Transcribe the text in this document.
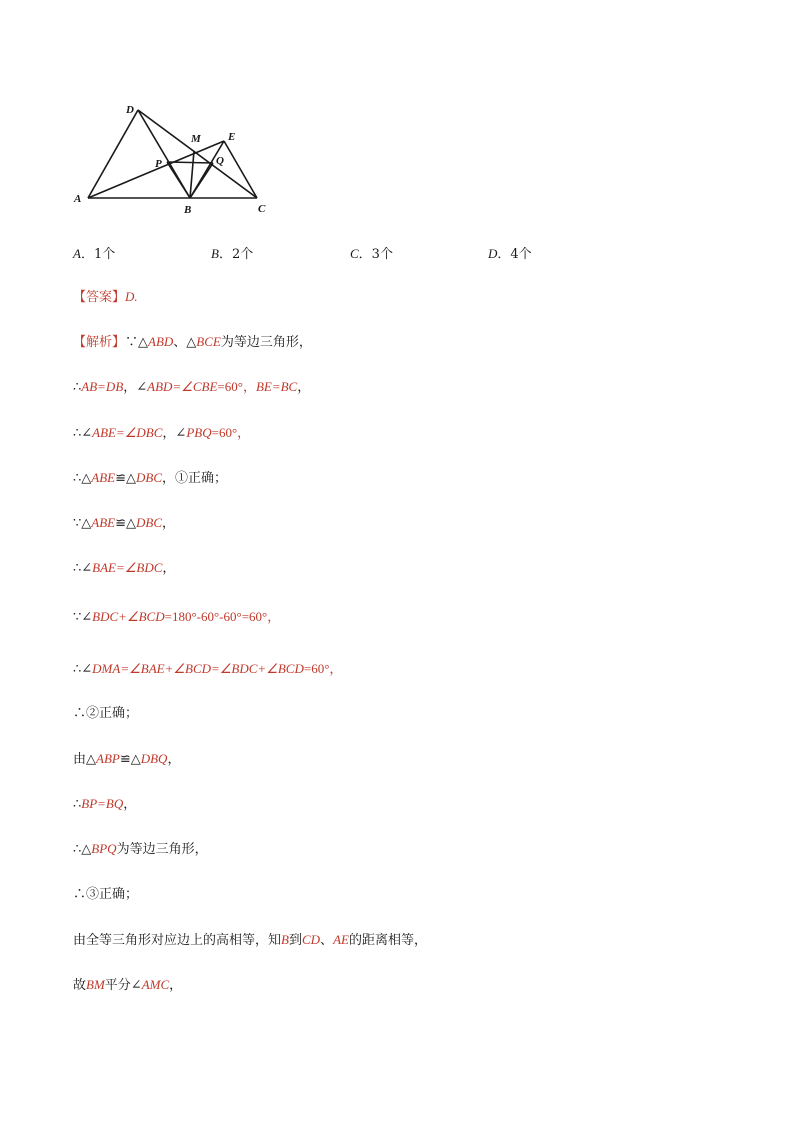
A
D
M E
P	Q
B	C
A．1个	B．2个	C．3个	D．4个
【答案】D.
【解析】∵△ABD、△BCE为等边三角形，
∴AB=DB，∠ABD=∠CBE=60°，BE=BC，
∴∠ABE=∠DBC，∠PBQ=60°，
∴△ABE≌△DBC，①正确；
∵△ABE≌△DBC，
∴∠BAE=∠BDC，
∵∠BDC+∠BCD=180°-60°-60°=60°，
∴∠DMA=∠BAE+∠BCD=∠BDC+∠BCD=60°，
∴②正确；
由△ABP≌△DBQ，
∴BP=BQ，
∴△BPQ为等边三角形，
∴③正确；
由全等三角形对应边上的高相等，知B到CD、AE的距离相等，
故BM平分∠AMC，
